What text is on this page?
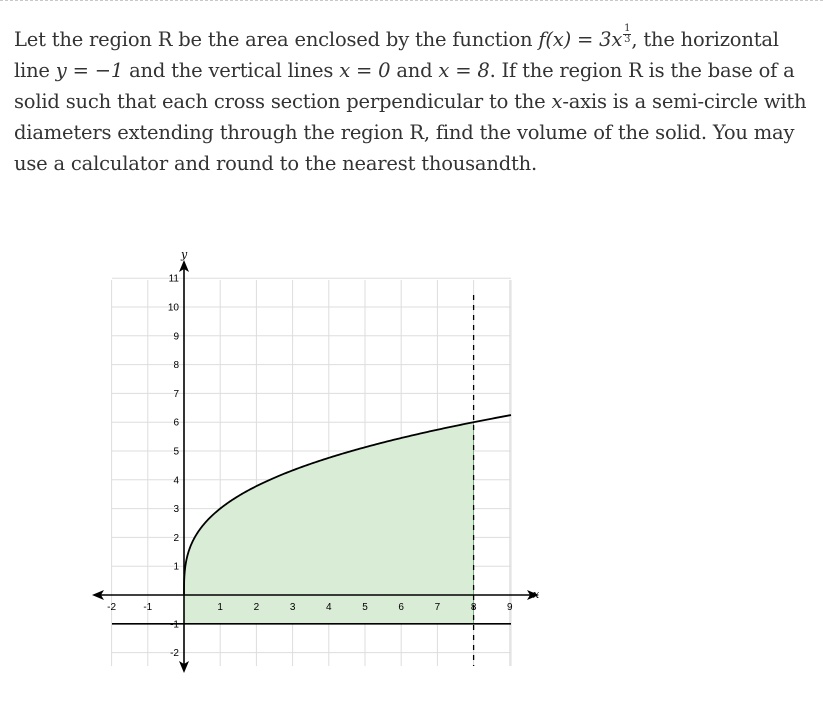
Let the region R be the area enclosed by the function $f(x) = 3x \frac{1}{3}$ , the horizontal line y = −1 and the vertical lines x = 0 and x = 8. If the region R is the base of a solid such that each cross section perpendicular to the x-axis is a semi-circle with diameters extending through the region R, find the volume of the solid. You may use a calculator and round to the nearest thousandth.
-2	-1	1	2	3	4	5	6	7	8	9
-2
-1
1
2
3
4
5
6
7
8
9
10
11
x
y
